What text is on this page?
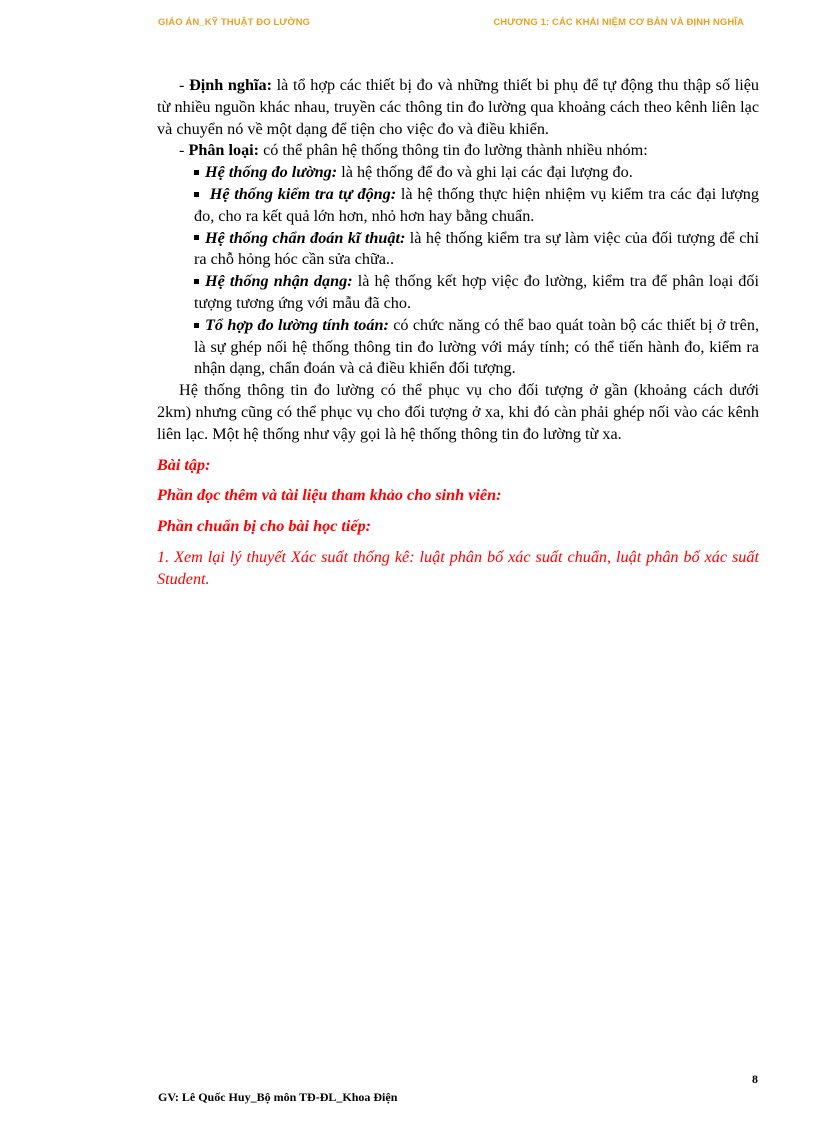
GIÁO ÁN_KỸ THUẬT ĐO LƯỜNG	CHƯƠNG 1: CÁC KHÁI NIỆM CƠ BẢN VÀ ĐỊNH NGHĨA

- Định nghĩa: là tổ hợp các thiết bị đo và những thiết bi phụ để tự động thu thập số liệu từ nhiều nguồn khác nhau, truyền các thông tin đo lường qua khoảng cách theo kênh liên lạc và chuyển nó về một dạng để tiện cho việc đo và điều khiển.

- Phân loại: có thể phân hệ thống thông tin đo lường thành nhiều nhóm:

Hệ thống đo lường: là hệ thống để đo và ghi lại các đại lượng đo.

Hệ thống kiểm tra tự động: là hệ thống thực hiện nhiệm vụ kiểm tra các đại lượng đo, cho ra kết quả lớn hơn, nhỏ hơn hay bằng chuẩn.

Hệ thống chẩn đoán kĩ thuật: là hệ thống kiểm tra sự làm việc của đối tượng để chỉ ra chỗ hỏng hóc cần sửa chữa..

Hệ thống nhận dạng: là hệ thống kết hợp việc đo lường, kiểm tra để phân loại đối tượng tương ứng với mẫu đã cho.

Tổ hợp đo lường tính toán: có chức năng có thể bao quát toàn bộ các thiết bị ở trên, là sự ghép nối hệ thống thông tin đo lường với máy tính; có thể tiến hành đo, kiểm ra nhận dạng, chẩn đoán và cả điều khiển đối tượng.

Hệ thống thông tin đo lường có thể phục vụ cho đối tượng ở gần (khoảng cách dưới 2km) nhưng cũng có thể phục vụ cho đối tượng ở xa, khi đó càn phải ghép nối vào các kênh liên lạc. Một hệ thống như vậy gọi là hệ thống thông tin đo lường từ xa.

Bài tập:

Phần đọc thêm và tài liệu tham khảo cho sinh viên:

Phần chuẩn bị cho bài học tiếp:

1. Xem lại lý thuyết Xác suất thống kê: luật phân bố xác suất chuẩn, luật phân bố xác suất Student.

8
GV: Lê Quốc Huy_Bộ môn TĐ-ĐL_Khoa Điện
